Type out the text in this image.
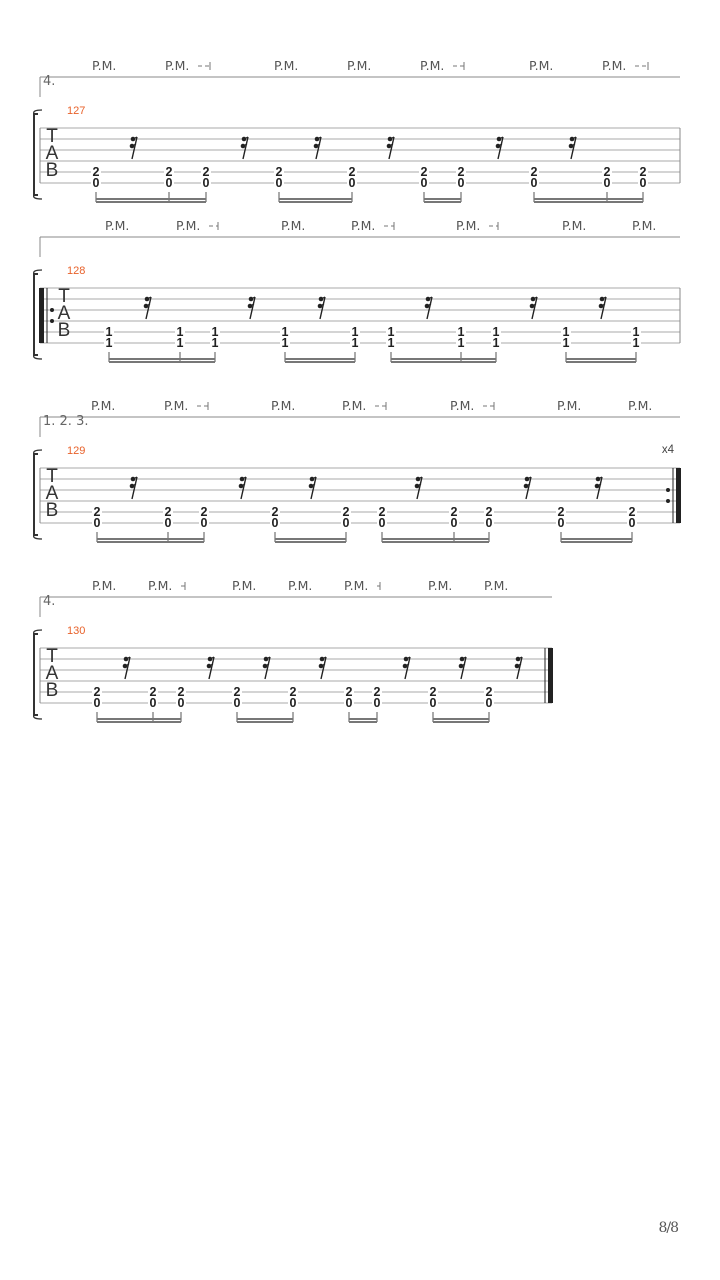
4.
P.M.	P.M.	P.M.	P.M.	P.M.	P.M.	P.M.
127
T
A
B	2
0
2
0
2
0
2
0
2
0
2
0
2
0
2
0
2
0
2
0
P.M.	P.M.	P.M.	P.M.	P.M.	P.M.	P.M.
128
T
A
B	1
1
1
1
1
1
1
1
1
1
1
1
1
1
1
1
1
1
1
1
1. 2. 3.
P.M.	P.M.	P.M.	P.M.	P.M.	P.M.	P.M.
129
T
A
B
x4
2
0
2
0
2
0
2
0
2
0
2
0
2
0
2
0
2
0
2
0
4.
P.M.	P.M.	P.M.	P.M.	P.M.	P.M.	P.M.
130
T
A
B	2
0
2
0
2
0
2
0
2
0
2
0
2
0
2
0
2
0
8/8
